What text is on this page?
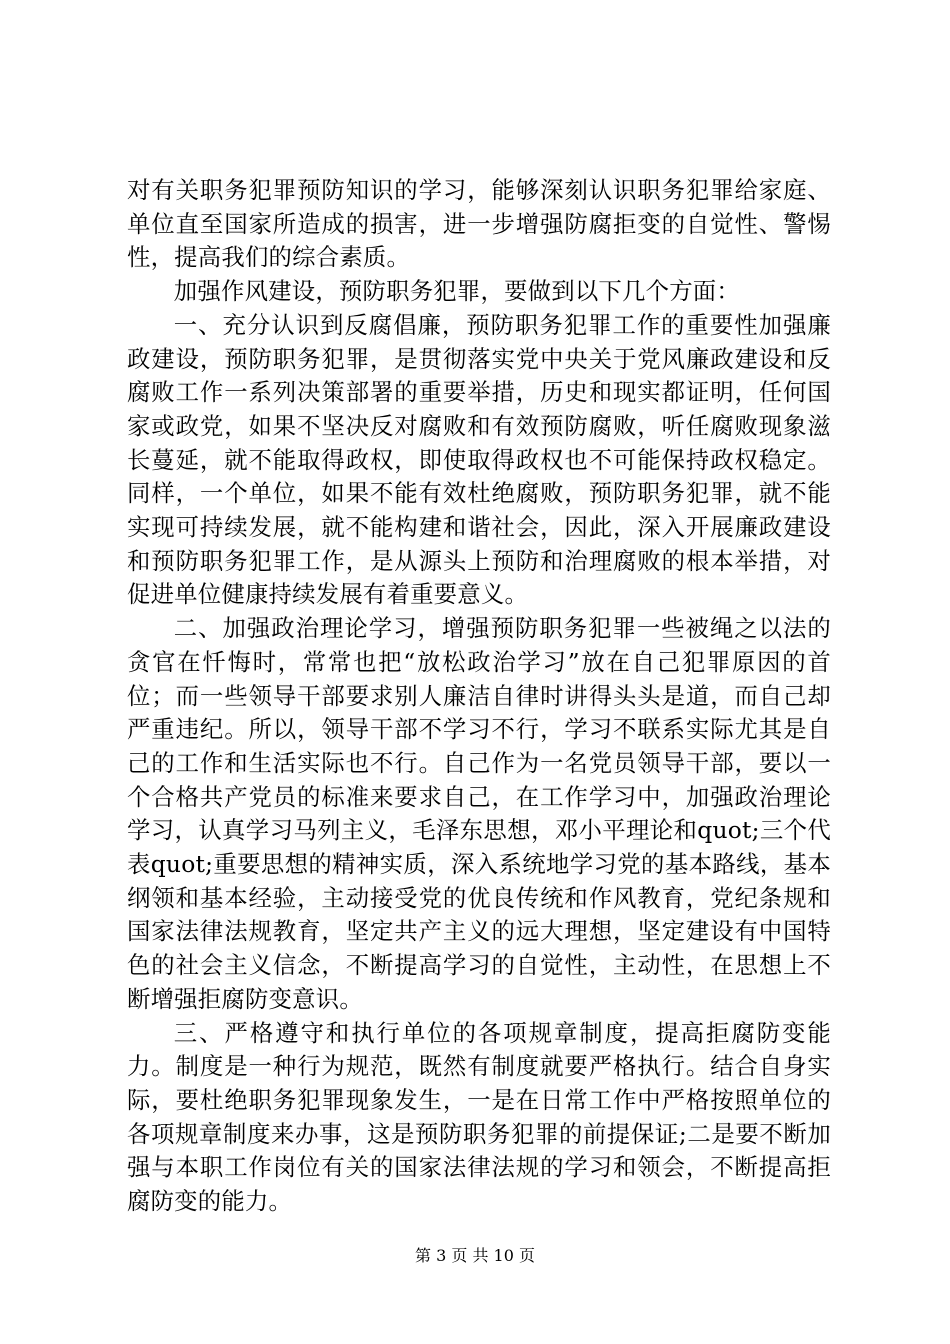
对有关职务犯罪预防知识的学习，能够深刻认识职务犯罪给家庭、单位直至国家所造成的损害，进一步增强防腐拒变的自觉性、警惕性，提高我们的综合素质。

加强作风建设，预防职务犯罪，要做到以下几个方面：

一、充分认识到反腐倡廉，预防职务犯罪工作的重要性加强廉政建设，预防职务犯罪，是贯彻落实党中央关于党风廉政建设和反腐败工作一系列决策部署的重要举措，历史和现实都证明，任何国家或政党，如果不坚决反对腐败和有效预防腐败，听任腐败现象滋长蔓延，就不能取得政权，即使取得政权也不可能保持政权稳定。同样，一个单位，如果不能有效杜绝腐败，预防职务犯罪，就不能实现可持续发展，就不能构建和谐社会，因此，深入开展廉政建设和预防职务犯罪工作，是从源头上预防和治理腐败的根本举措，对促进单位健康持续发展有着重要意义。

二、加强政治理论学习，增强预防职务犯罪一些被绳之以法的贪官在忏悔时，常常也把“放松政治学习”放在自己犯罪原因的首位；而一些领导干部要求别人廉洁自律时讲得头头是道，而自己却严重违纪。所以，领导干部不学习不行，学习不联系实际尤其是自己的工作和生活实际也不行。自己作为一名党员领导干部，要以一个合格共产党员的标准来要求自己，在工作学习中，加强政治理论学习，认真学习马列主义，毛泽东思想，邓小平理论和quot;三个代表quot;重要思想的精神实质，深入系统地学习党的基本路线，基本纲领和基本经验，主动接受党的优良传统和作风教育，党纪条规和国家法律法规教育，坚定共产主义的远大理想，坚定建设有中国特色的社会主义信念，不断提高学习的自觉性，主动性，在思想上不断增强拒腐防变意识。

三、严格遵守和执行单位的各项规章制度，提高拒腐防变能力。制度是一种行为规范，既然有制度就要严格执行。结合自身实际，要杜绝职务犯罪现象发生，一是在日常工作中严格按照单位的各项规章制度来办事，这是预防职务犯罪的前提保证;二是要不断加强与本职工作岗位有关的国家法律法规的学习和领会，不断提高拒腐防变的能力。

第 3 页 共 10 页
